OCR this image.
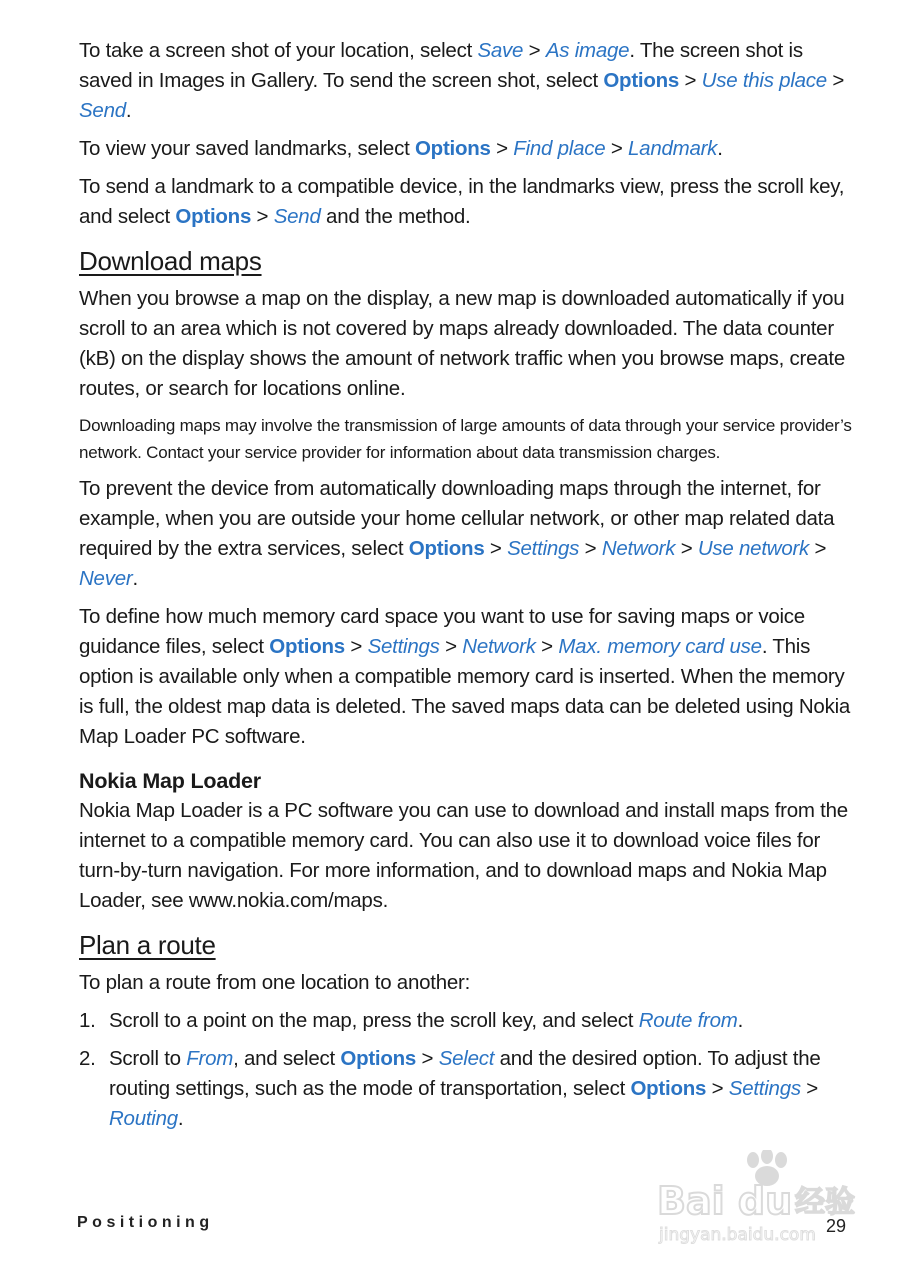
To take a screen shot of your location, select Save > As image. The screen shot is saved in Images in Gallery. To send the screen shot, select Options > Use this place > Send.

To view your saved landmarks, select Options > Find place > Landmark.

To send a landmark to a compatible device, in the landmarks view, press the scroll key, and select Options > Send and the method.

Download maps

When you browse a map on the display, a new map is downloaded automatically if you scroll to an area which is not covered by maps already downloaded. The data counter (kB) on the display shows the amount of network traffic when you browse maps, create routes, or search for locations online.

Downloading maps may involve the transmission of large amounts of data through your service provider’s network. Contact your service provider for information about data transmission charges.

To prevent the device from automatically downloading maps through the internet, for example, when you are outside your home cellular network, or other map related data required by the extra services, select Options > Settings > Network > Use network > Never.

To define how much memory card space you want to use for saving maps or voice guidance files, select Options > Settings > Network > Max. memory card use. This option is available only when a compatible memory card is inserted. When the memory is full, the oldest map data is deleted. The saved maps data can be deleted using Nokia Map Loader PC software.

Nokia Map Loader

Nokia Map Loader is a PC software you can use to download and install maps from the internet to a compatible memory card. You can also use it to download voice files for turn-by-turn navigation. For more information, and to download maps and Nokia Map Loader, see www.nokia.com/maps.

Plan a route

To plan a route from one location to another:

1. Scroll to a point on the map, press the scroll key, and select Route from.
2. Scroll to From, and select Options > Select and the desired option. To adjust the routing settings, such as the mode of transportation, select Options > Settings > Routing.
Positioning	29
Bai du 经验
jingyan.baidu.com
